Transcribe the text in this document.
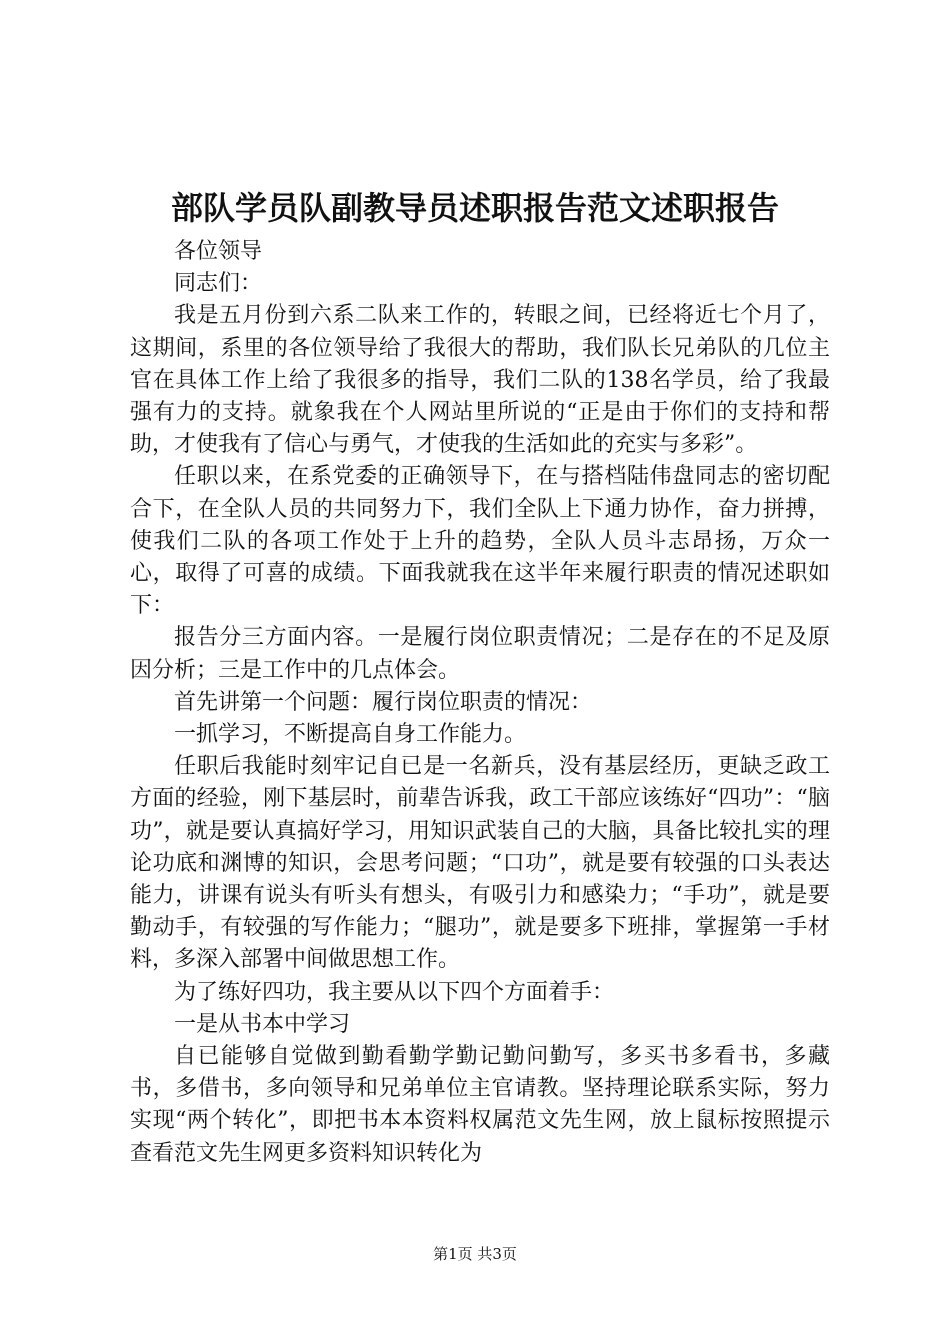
部队学员队副教导员述职报告范文述职报告

各位领导

同志们：

我是五月份到六系二队来工作的，转眼之间，已经将近七个月了，这期间，系里的各位领导给了我很大的帮助，我们队长兄弟队的几位主官在具体工作上给了我很多的指导，我们二队的138名学员，给了我最强有力的支持。就象我在个人网站里所说的“正是由于你们的支持和帮助，才使我有了信心与勇气，才使我的生活如此的充实与多彩”。

任职以来，在系党委的正确领导下，在与搭档陆伟盘同志的密切配合下，在全队人员的共同努力下，我们全队上下通力协作，奋力拼搏，使我们二队的各项工作处于上升的趋势，全队人员斗志昂扬，万众一心，取得了可喜的成绩。下面我就我在这半年来履行职责的情况述职如下：

报告分三方面内容。一是履行岗位职责情况；二是存在的不足及原因分析；三是工作中的几点体会。

首先讲第一个问题：履行岗位职责的情况：

一抓学习，不断提高自身工作能力。

任职后我能时刻牢记自已是一名新兵，没有基层经历，更缺乏政工方面的经验，刚下基层时，前辈告诉我，政工干部应该练好“四功”：“脑功”，就是要认真搞好学习，用知识武装自己的大脑，具备比较扎实的理论功底和渊博的知识，会思考问题；“口功”，就是要有较强的口头表达能力，讲课有说头有听头有想头，有吸引力和感染力；“手功”，就是要勤动手，有较强的写作能力；“腿功”，就是要多下班排，掌握第一手材料，多深入部署中间做思想工作。

为了练好四功，我主要从以下四个方面着手：

一是从书本中学习

自已能够自觉做到勤看勤学勤记勤问勤写，多买书多看书，多藏书，多借书，多向领导和兄弟单位主官请教。坚持理论联系实际，努力实现“两个转化”，即把书本本资料权属范文先生网，放上鼠标按照提示查看范文先生网更多资料知识转化为

第1页 共3页
